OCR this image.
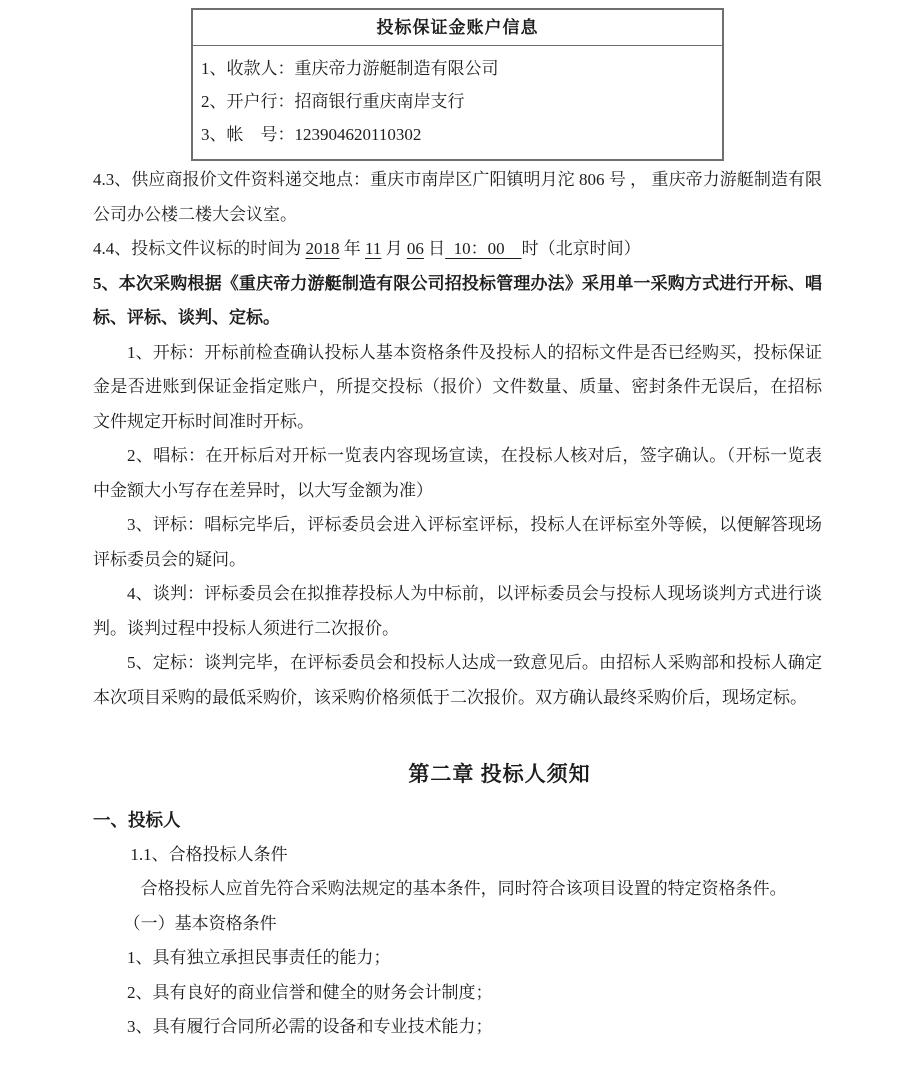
投标保证金账户信息
1、收款人：重庆帝力游艇制造有限公司
2、开户行：招商银行重庆南岸支行
3、帐　号：123904620110302

4.3、供应商报价文件资料递交地点：重庆市南岸区广阳镇明月沱 806 号 ， 重庆帝力游艇制造有限公司办公楼二楼大会议室。

4.4、投标文件议标的时间为 2018 年 11 月 06 日  10：00    时（北京时间）

5、本次采购根据《重庆帝力游艇制造有限公司招投标管理办法》采用单一采购方式进行开标、唱标、评标、谈判、定标。

1、开标：开标前检查确认投标人基本资格条件及投标人的招标文件是否已经购买，投标保证金是否进账到保证金指定账户，所提交投标（报价）文件数量、质量、密封条件无误后，在招标文件规定开标时间准时开标。

2、唱标：在开标后对开标一览表内容现场宣读，在投标人核对后，签字确认。（开标一览表中金额大小写存在差异时，以大写金额为准）

3、评标：唱标完毕后，评标委员会进入评标室评标，投标人在评标室外等候，以便解答现场评标委员会的疑问。

4、谈判：评标委员会在拟推荐投标人为中标前，以评标委员会与投标人现场谈判方式进行谈判。谈判过程中投标人须进行二次报价。

5、定标：谈判完毕，在评标委员会和投标人达成一致意见后。由招标人采购部和投标人确定本次项目采购的最低采购价，该采购价格须低于二次报价。双方确认最终采购价后，现场定标。

第二章 投标人须知

一、投标人

1.1、合格投标人条件

合格投标人应首先符合采购法规定的基本条件，同时符合该项目设置的特定资格条件。

（一）基本资格条件

1、具有独立承担民事责任的能力；

2、具有良好的商业信誉和健全的财务会计制度；

3、具有履行合同所必需的设备和专业技术能力；
